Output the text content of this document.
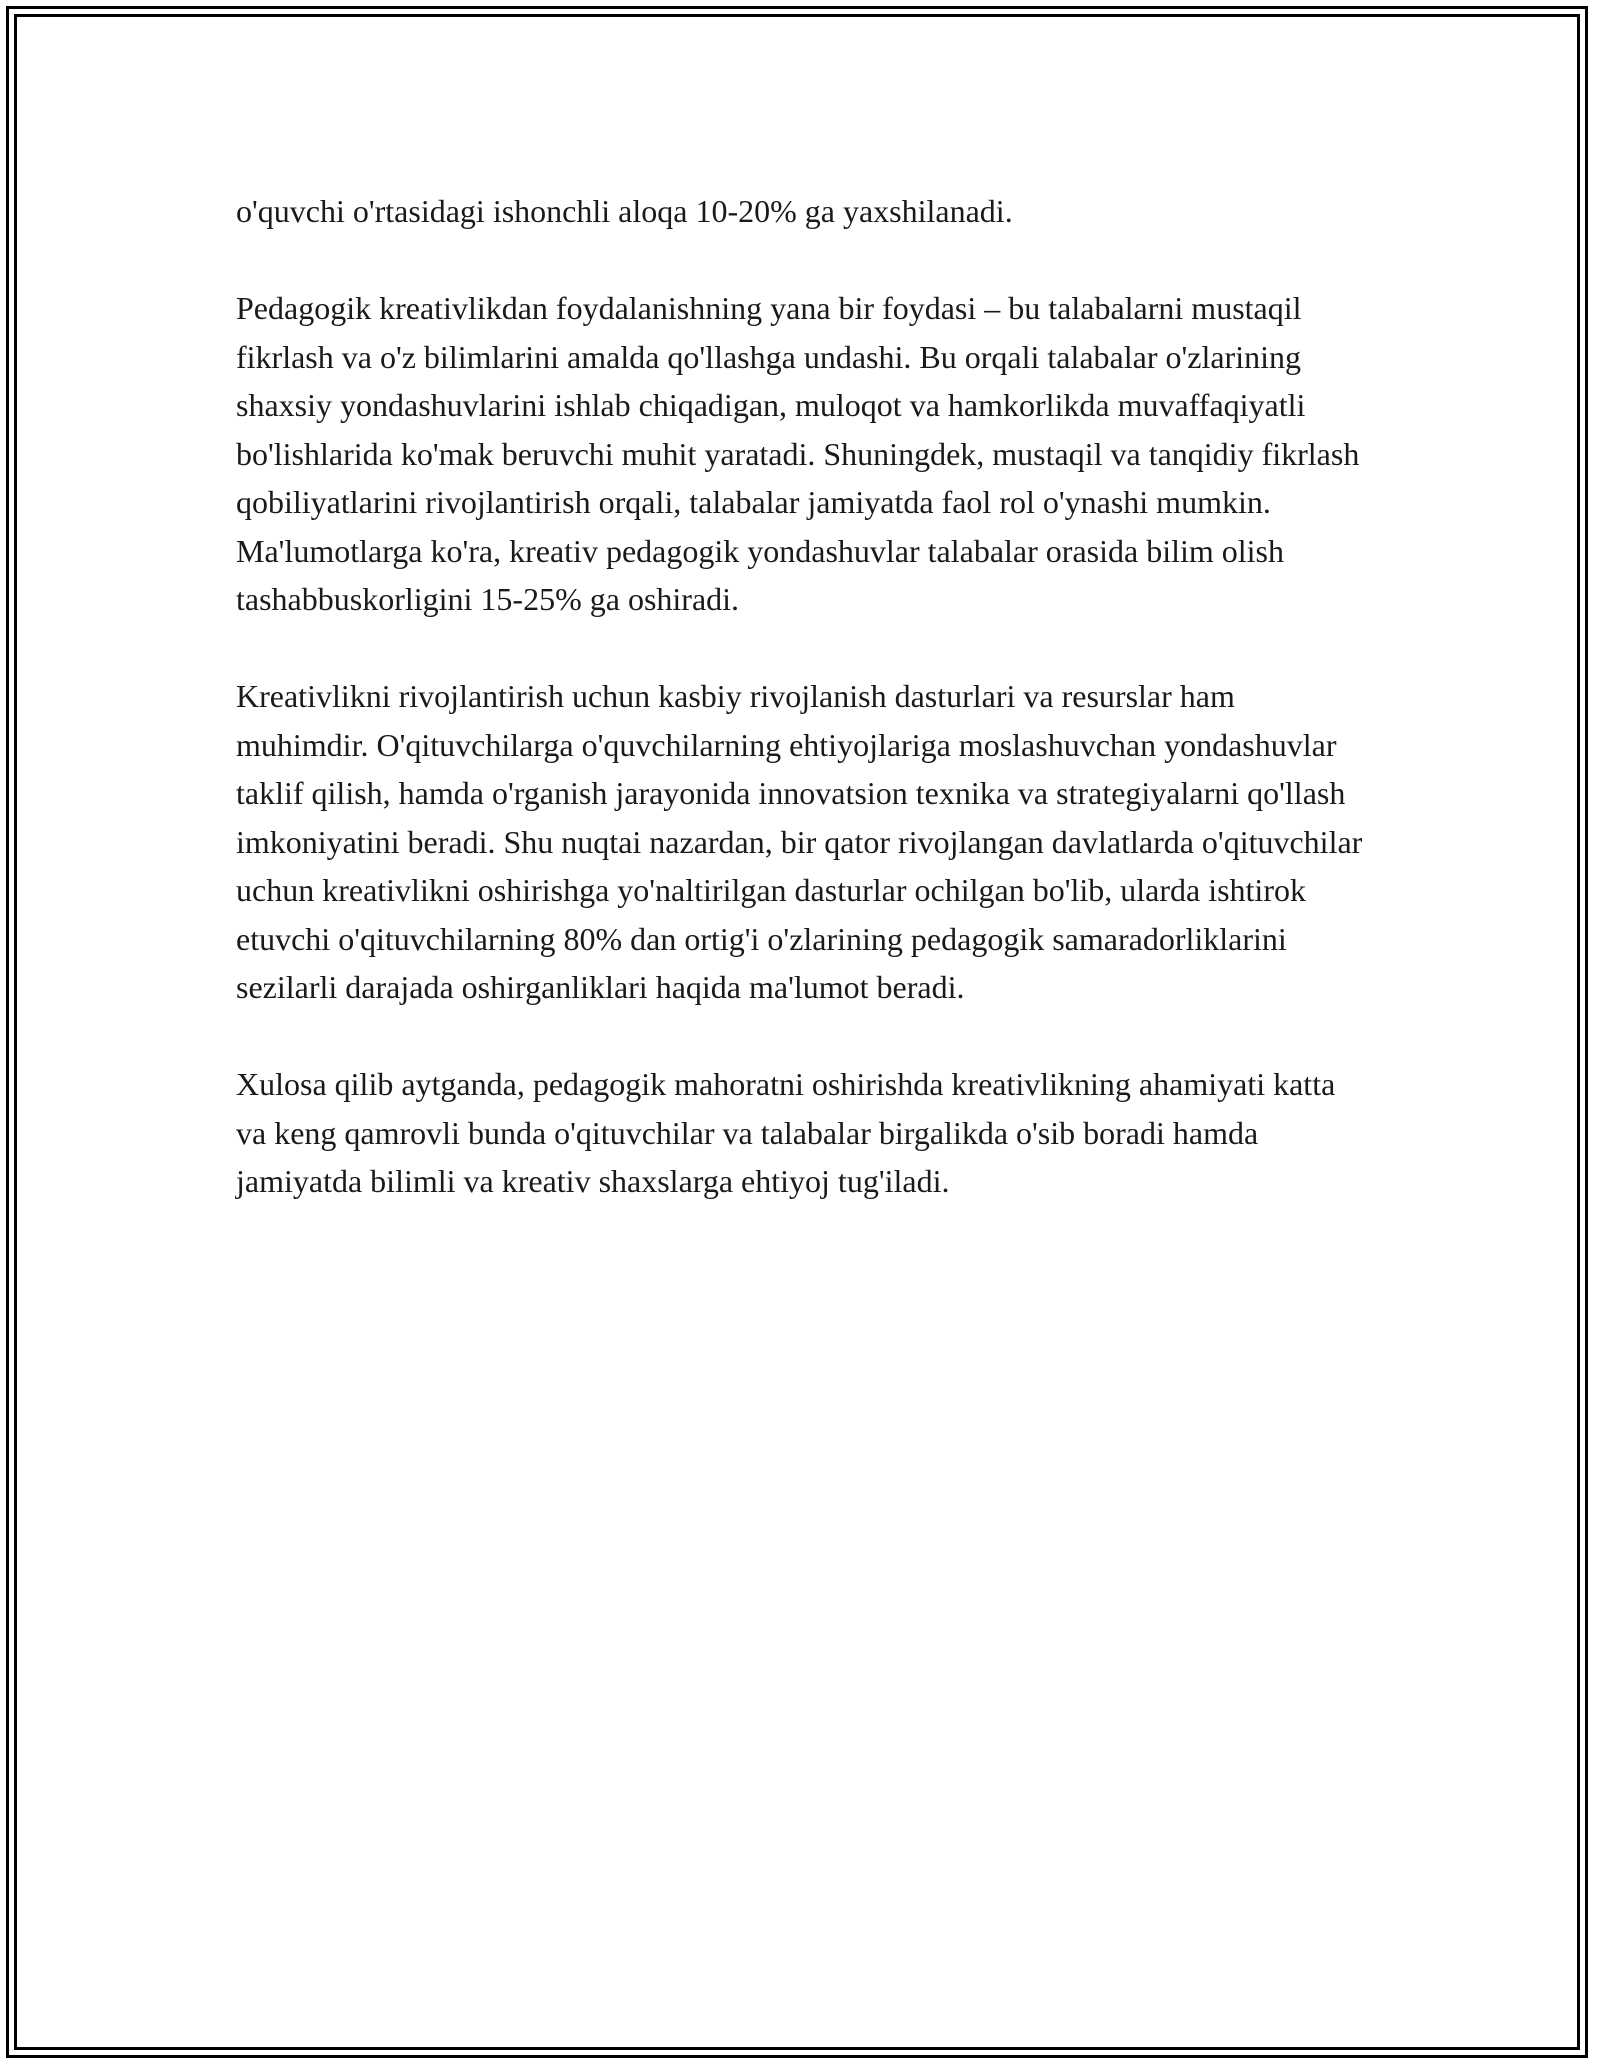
o'quvchi o'rtasidagi ishonchli aloqa 10-20% ga yaxshilanadi.

Pedagogik kreativlikdan foydalanishning yana bir foydasi – bu talabalarni mustaqil fikrlash va o'z bilimlarini amalda qo'llashga undashi. Bu orqali talabalar o'zlarining shaxsiy yondashuvlarini ishlab chiqadigan, muloqot va hamkorlikda muvaffaqiyatli bo'lishlarida ko'mak beruvchi muhit yaratadi. Shuningdek, mustaqil va tanqidiy fikrlash qobiliyatlarini rivojlantirish orqali, talabalar jamiyatda faol rol o'ynashi mumkin. Ma'lumotlarga ko'ra, kreativ pedagogik yondashuvlar talabalar orasida bilim olish tashabbuskorligini 15-25% ga oshiradi.

Kreativlikni rivojlantirish uchun kasbiy rivojlanish dasturlari va resurslar ham muhimdir. O'qituvchilarga o'quvchilarning ehtiyojlariga moslashuvchan yondashuvlar taklif qilish, hamda o'rganish jarayonida innovatsion texnika va strategiyalarni qo'llash imkoniyatini beradi. Shu nuqtai nazardan, bir qator rivojlangan davlatlarda o'qituvchilar uchun kreativlikni oshirishga yo'naltirilgan dasturlar ochilgan bo'lib, ularda ishtirok etuvchi o'qituvchilarning 80% dan ortig'i o'zlarining pedagogik samaradorliklarini sezilarli darajada oshirganliklari haqida ma'lumot beradi.

Xulosa qilib aytganda, pedagogik mahoratni oshirishda kreativlikning ahamiyati katta va keng qamrovli bunda o'qituvchilar va talabalar birgalikda o'sib boradi hamda jamiyatda bilimli va kreativ shaxslarga ehtiyoj tug'iladi.
